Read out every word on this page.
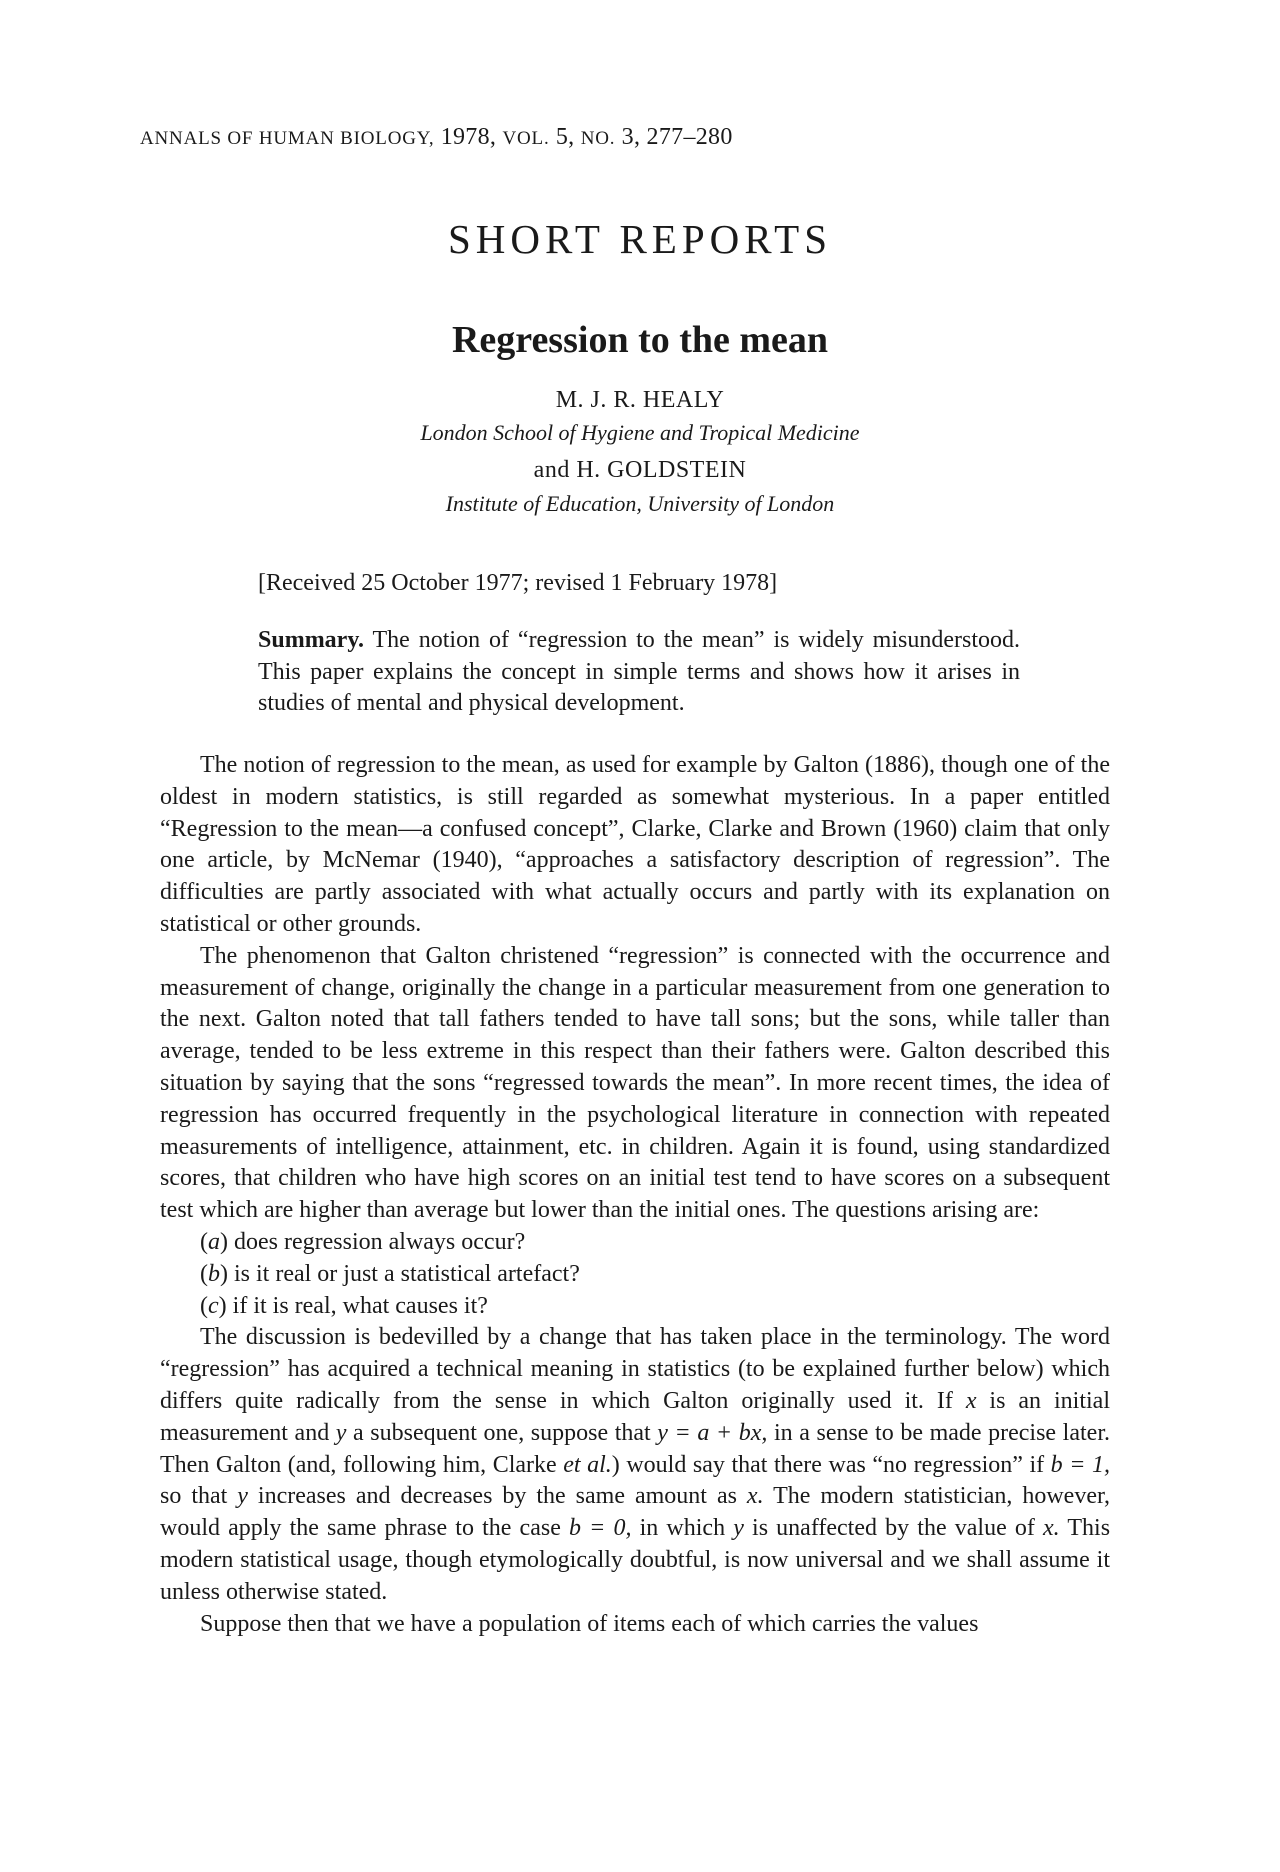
ANNALS OF HUMAN BIOLOGY, 1978, VOL. 5, NO. 3, 277–280
SHORT REPORTS
Regression to the mean
M. J. R. HEALY
London School of Hygiene and Tropical Medicine
and H. GOLDSTEIN
Institute of Education, University of London
[Received 25 October 1977; revised 1 February 1978]
Summary. The notion of “regression to the mean” is widely misunderstood. This paper explains the concept in simple terms and shows how it arises in studies of mental and physical development.

The notion of regression to the mean, as used for example by Galton (1886), though one of the oldest in modern statistics, is still regarded as somewhat mysterious. In a paper entitled “Regression to the mean—a confused concept”, Clarke, Clarke and Brown (1960) claim that only one article, by McNemar (1940), “approaches a satisfactory description of regression”. The difficulties are partly associated with what actually occurs and partly with its explanation on statistical or other grounds.

The phenomenon that Galton christened “regression” is connected with the occurrence and measurement of change, originally the change in a particular measurement from one generation to the next. Galton noted that tall fathers tended to have tall sons; but the sons, while taller than average, tended to be less extreme in this respect than their fathers were. Galton described this situation by saying that the sons “regressed towards the mean”. In more recent times, the idea of regression has occurred frequently in the psychological literature in connection with repeated measurements of intelligence, attainment, etc. in children. Again it is found, using standardized scores, that children who have high scores on an initial test tend to have scores on a subsequent test which are higher than average but lower than the initial ones. The questions arising are:

(a) does regression always occur?
(b) is it real or just a statistical artefact?
(c) if it is real, what causes it?

The discussion is bedevilled by a change that has taken place in the terminology. The word “regression” has acquired a technical meaning in statistics (to be explained further below) which differs quite radically from the sense in which Galton originally used it. If x is an initial measurement and y a subsequent one, suppose that y = a + bx, in a sense to be made precise later. Then Galton (and, following him, Clarke et al.) would say that there was “no regression” if b = 1, so that y increases and decreases by the same amount as x. The modern statistician, however, would apply the same phrase to the case b = 0, in which y is unaffected by the value of x. This modern statistical usage, though etymologically doubtful, is now universal and we shall assume it unless otherwise stated.

Suppose then that we have a population of items each of which carries the values
